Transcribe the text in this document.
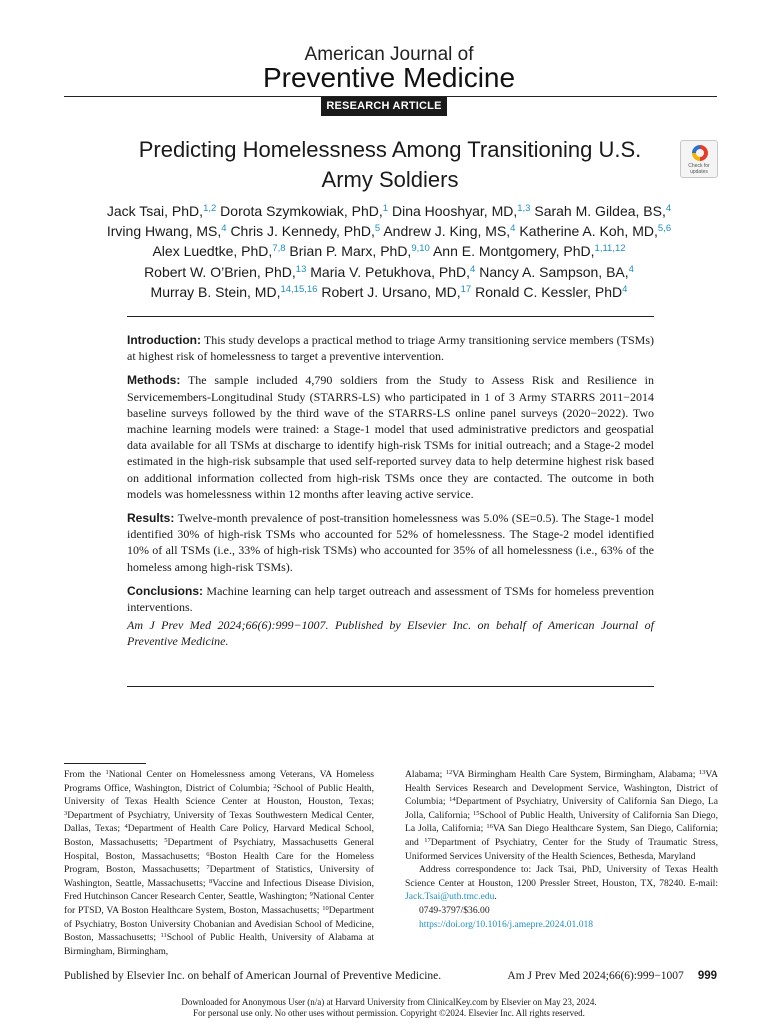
American Journal of
Preventive Medicine
RESEARCH ARTICLE
Predicting Homelessness Among Transitioning U.S.
Army Soldiers
Check for updates
Jack Tsai, PhD,$^{1,2}$ Dorota Szymkowiak, PhD,$^1$ Dina Hooshyar, MD,$^{1,3}$ Sarah M. Gildea, BS,$^4$
Irving Hwang, MS,$^4$ Chris J. Kennedy, PhD,$^5$ Andrew J. King, MS,$^4$ Katherine A. Koh, MD,$^{5,6}$
Alex Luedtke, PhD,$^{7,8}$ Brian P. Marx, PhD,$^{9,10}$ Ann E. Montgomery, PhD,$^{1,11,12}$
Robert W. O’Brien, PhD,$^{13}$ Maria V. Petukhova, PhD,$^4$ Nancy A. Sampson, BA,$^4$
Murray B. Stein, MD,$^{14,15,16}$ Robert J. Ursano, MD,$^{17}$ Ronald C. Kessler, PhD$^4$

Introduction: This study develops a practical method to triage Army transitioning service members (TSMs) at highest risk of homelessness to target a preventive intervention.

Methods: The sample included 4,790 soldiers from the Study to Assess Risk and Resilience in Servicemembers-Longitudinal Study (STARRS-LS) who participated in 1 of 3 Army STARRS 2011−2014 baseline surveys followed by the third wave of the STARRS-LS online panel surveys (2020−2022). Two machine learning models were trained: a Stage-1 model that used administrative predictors and geospatial data available for all TSMs at discharge to identify high-risk TSMs for initial outreach; and a Stage-2 model estimated in the high-risk subsample that used self-reported survey data to help determine highest risk based on additional information collected from high-risk TSMs once they are contacted. The outcome in both models was homelessness within 12 months after leaving active service.

Results: Twelve-month prevalence of post-transition homelessness was 5.0% (SE=0.5). The Stage-1 model identified 30% of high-risk TSMs who accounted for 52% of homelessness. The Stage-2 model identified 10% of all TSMs (i.e., 33% of high-risk TSMs) who accounted for 35% of all homelessness (i.e., 63% of the homeless among high-risk TSMs).

Conclusions: Machine learning can help target outreach and assessment of TSMs for homeless prevention interventions.

Am J Prev Med 2024;66(6):999−1007. Published by Elsevier Inc. on behalf of American Journal of Preventive Medicine.

From the $^1$National Center on Homelessness among Veterans, VA Homeless Programs Office, Washington, District of Columbia; $^2$School of Public Health, University of Texas Health Science Center at Houston, Houston, Texas; $^3$Department of Psychiatry, University of Texas Southwestern Medical Center, Dallas, Texas; $^4$Department of Health Care Policy, Harvard Medical School, Boston, Massachusetts; $^5$Department of Psychiatry, Massachusetts General Hospital, Boston, Massachusetts; $^6$Boston Health Care for the Homeless Program, Boston, Massachusetts; $^7$Department of Statistics, University of Washington, Seattle, Massachusetts; $^8$Vaccine and Infectious Disease Division, Fred Hutchinson Cancer Research Center, Seattle, Washington; $^9$National Center for PTSD, VA Boston Healthcare System, Boston, Massachusetts; $^{10}$Department of Psychiatry, Boston University Chobanian and Avedisian School of Medicine, Boston, Massachusetts; $^{11}$School of Public Health, University of Alabama at Birmingham, Birmingham,

Alabama; $^{12}$VA Birmingham Health Care System, Birmingham, Alabama; $^{13}$VA Health Services Research and Development Service, Washington, District of Columbia; $^{14}$Department of Psychiatry, University of California San Diego, La Jolla, California; $^{15}$School of Public Health, University of California San Diego, La Jolla, California; $^{16}$VA San Diego Healthcare System, San Diego, California; and $^{17}$Department of Psychiatry, Center for the Study of Traumatic Stress, Uniformed Services University of the Health Sciences, Bethesda, Maryland

Address correspondence to: Jack Tsai, PhD, University of Texas Health Science Center at Houston, 1200 Pressler Street, Houston, TX, 78240. E-mail: Jack.Tsai@uth.tmc.edu.

0749-3797/$36.00

https://doi.org/10.1016/j.amepre.2024.01.018

Published by Elsevier Inc. on behalf of American Journal of Preventive Medicine.	Am J Prev Med 2024;66(6):999−1007 999
Downloaded for Anonymous User (n/a) at Harvard University from ClinicalKey.com by Elsevier on May 23, 2024.
For personal use only. No other uses without permission. Copyright ©2024. Elsevier Inc. All rights reserved.
